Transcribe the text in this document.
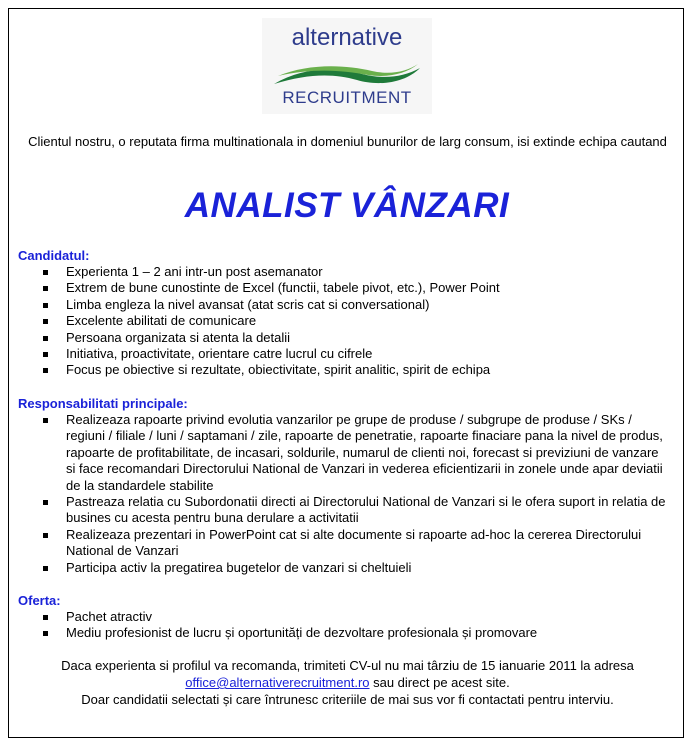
alternative
RECRUITMENT
Clientul nostru, o reputata firma multinationala in domeniul bunurilor de larg consum, isi extinde echipa cautand
ANALIST VÂNZARI
Candidatul:
Experienta 1 – 2 ani intr-un post asemanator
Extrem de bune cunostinte de Excel (functii, tabele pivot, etc.), Power Point
Limba engleza la nivel avansat (atat scris cat si conversational)
Excelente abilitati de comunicare
Persoana organizata si atenta la detalii
Initiativa, proactivitate, orientare catre lucrul cu cifrele
Focus pe obiective si rezultate, obiectivitate, spirit analitic, spirit de echipa
Responsabilitati principale:
Realizeaza rapoarte privind evolutia vanzarilor pe grupe de produse / subgrupe de produse / SKs / regiuni / filiale / luni / saptamani / zile, rapoarte de penetratie, rapoarte finaciare pana la nivel de produs, rapoarte de profitabilitate, de incasari, soldurile, numarul de clienti noi, forecast si previziuni de vanzare si face recomandari Directorului National de Vanzari in vederea eficientizarii in zonele unde apar deviatii de la standardele stabilite
Pastreaza relatia cu Subordonatii directi ai Directorului National de Vanzari si le ofera suport in relatia de busines cu acesta pentru buna derulare a activitatii
Realizeaza prezentari in PowerPoint cat si alte documente si rapoarte ad-hoc la cererea Directorului National de Vanzari
Participa activ la pregatirea bugetelor de vanzari si cheltuieli
Oferta:
Pachet atractiv
Mediu profesionist de lucru și oportunități de dezvoltare profesionala și promovare
Daca experienta si profilul va recomanda, trimiteti CV-ul nu mai târziu de 15 ianuarie 2011 la adresa
office@alternativerecruitment.ro sau direct pe acest site.
Doar candidatii selectati și care întrunesc criteriile de mai sus vor fi contactati pentru interviu.
